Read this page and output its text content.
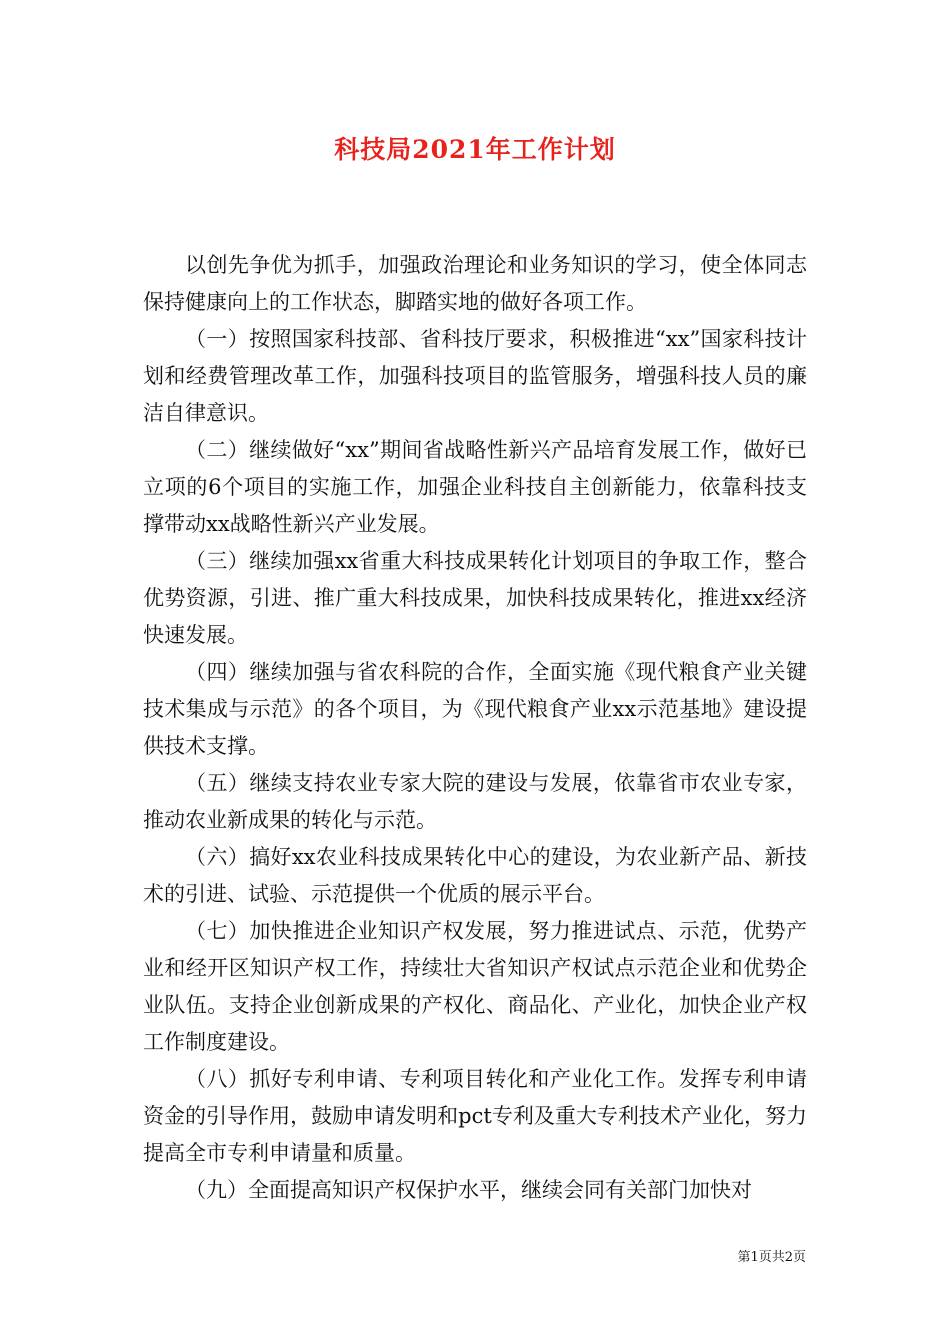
科技局2021年工作计划

以创先争优为抓手，加强政治理论和业务知识的学习，使全体同志保持健康向上的工作状态，脚踏实地的做好各项工作。

（一）按照国家科技部、省科技厅要求，积极推进“xx”国家科技计划和经费管理改革工作，加强科技项目的监管服务，增强科技人员的廉洁自律意识。

（二）继续做好“xx”期间省战略性新兴产品培育发展工作，做好已立项的6个项目的实施工作，加强企业科技自主创新能力，依靠科技支撑带动xx战略性新兴产业发展。

（三）继续加强xx省重大科技成果转化计划项目的争取工作，整合优势资源，引进、推广重大科技成果，加快科技成果转化，推进xx经济快速发展。

（四）继续加强与省农科院的合作，全面实施《现代粮食产业关键技术集成与示范》的各个项目，为《现代粮食产业xx示范基地》建设提供技术支撑。

（五）继续支持农业专家大院的建设与发展，依靠省市农业专家，推动农业新成果的转化与示范。

（六）搞好xx农业科技成果转化中心的建设，为农业新产品、新技术的引进、试验、示范提供一个优质的展示平台。

（七）加快推进企业知识产权发展，努力推进试点、示范，优势产业和经开区知识产权工作，持续壮大省知识产权试点示范企业和优势企业队伍。支持企业创新成果的产权化、商品化、产业化，加快企业产权工作制度建设。

（八）抓好专利申请、专利项目转化和产业化工作。发挥专利申请资金的引导作用，鼓励申请发明和pct专利及重大专利技术产业化，努力提高全市专利申请量和质量。

（九）全面提高知识产权保护水平，继续会同有关部门加快对

第1页共2页
